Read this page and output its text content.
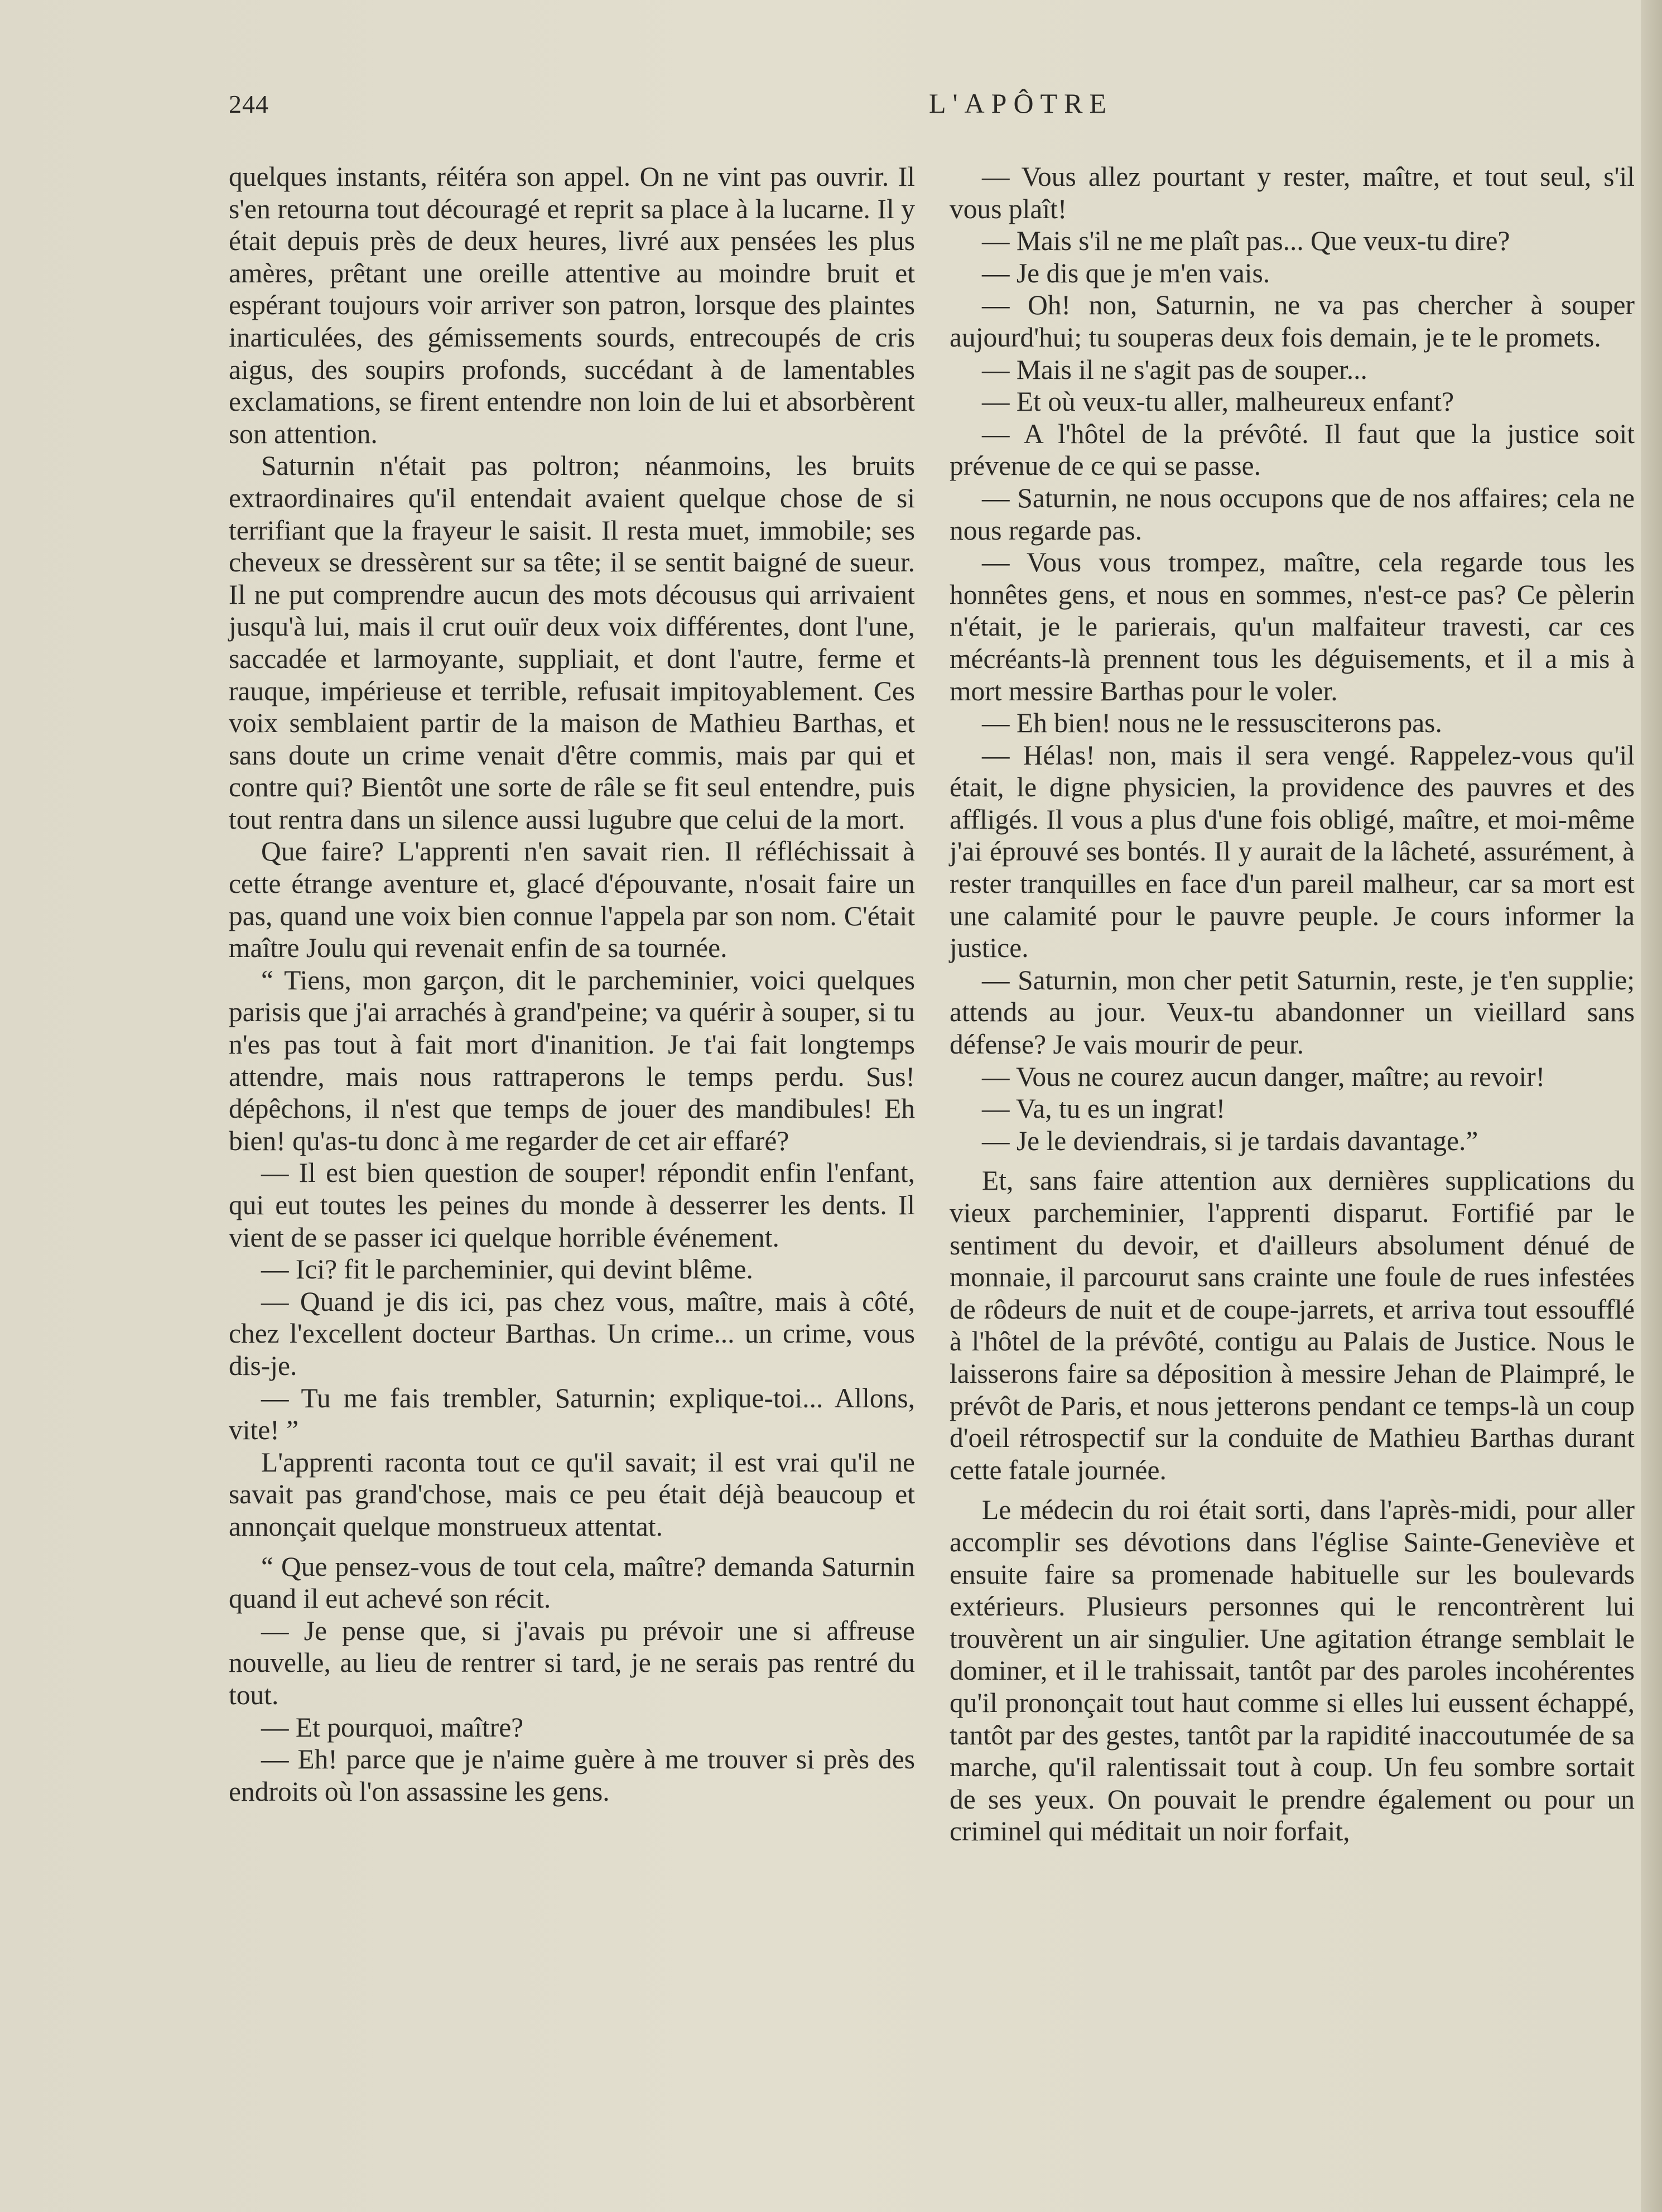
244	L'APÔTRE

quelques instants, réitéra son appel. On ne vint pas ouvrir. Il s'en retourna tout découragé et reprit sa place à la lucarne. Il y était depuis près de deux heures, livré aux pensées les plus amères, prêtant une oreille attentive au moindre bruit et espérant toujours voir arriver son patron, lorsque des plaintes inarticulées, des gémissements sourds, entrecoupés de cris aigus, des soupirs profonds, succédant à de lamentables exclamations, se firent entendre non loin de lui et absorbèrent son attention.

Saturnin n'était pas poltron; néanmoins, les bruits extraordinaires qu'il entendait avaient quelque chose de si terrifiant que la frayeur le saisit. Il resta muet, immobile; ses cheveux se dressèrent sur sa tête; il se sentit baigné de sueur. Il ne put comprendre aucun des mots décousus qui arrivaient jusqu'à lui, mais il crut ouïr deux voix différentes, dont l'une, saccadée et larmoyante, suppliait, et dont l'autre, ferme et rauque, impérieuse et terrible, refusait impitoyablement. Ces voix semblaient partir de la maison de Mathieu Barthas, et sans doute un crime venait d'être commis, mais par qui et contre qui? Bientôt une sorte de râle se fit seul entendre, puis tout rentra dans un silence aussi lugubre que celui de la mort.

Que faire? L'apprenti n'en savait rien. Il réfléchissait à cette étrange aventure et, glacé d'épouvante, n'osait faire un pas, quand une voix bien connue l'appela par son nom. C'était maître Joulu qui revenait enfin de sa tournée.

“ Tiens, mon garçon, dit le parcheminier, voici quelques parisis que j'ai arrachés à grand'peine; va quérir à souper, si tu n'es pas tout à fait mort d'inanition. Je t'ai fait longtemps attendre, mais nous rattraperons le temps perdu. Sus! dépêchons, il n'est que temps de jouer des mandibules! Eh bien! qu'as-tu donc à me regarder de cet air effaré?

— Il est bien question de souper! répondit enfin l'enfant, qui eut toutes les peines du monde à desserrer les dents. Il vient de se passer ici quelque horrible événement.

— Ici? fit le parcheminier, qui devint blême.

— Quand je dis ici, pas chez vous, maître, mais à côté, chez l'excellent docteur Barthas. Un crime... un crime, vous dis-je.

— Tu me fais trembler, Saturnin; explique-toi... Allons, vite! ”

L'apprenti raconta tout ce qu'il savait; il est vrai qu'il ne savait pas grand'chose, mais ce peu était déjà beaucoup et annonçait quelque monstrueux attentat.

“ Que pensez-vous de tout cela, maître? demanda Saturnin quand il eut achevé son récit.

— Je pense que, si j'avais pu prévoir une si affreuse nouvelle, au lieu de rentrer si tard, je ne serais pas rentré du tout.

— Et pourquoi, maître?

— Eh! parce que je n'aime guère à me trouver si près des endroits où l'on assassine les gens.

— Vous allez pourtant y rester, maître, et tout seul, s'il vous plaît!

— Mais s'il ne me plaît pas... Que veux-tu dire?

— Je dis que je m'en vais.

— Oh! non, Saturnin, ne va pas chercher à souper aujourd'hui; tu souperas deux fois demain, je te le promets.

— Mais il ne s'agit pas de souper...

— Et où veux-tu aller, malheureux enfant?

— A l'hôtel de la prévôté. Il faut que la justice soit prévenue de ce qui se passe.

— Saturnin, ne nous occupons que de nos affaires; cela ne nous regarde pas.

— Vous vous trompez, maître, cela regarde tous les honnêtes gens, et nous en sommes, n'est-ce pas? Ce pèlerin n'était, je le parierais, qu'un malfaiteur travesti, car ces mécréants-là prennent tous les déguisements, et il a mis à mort messire Barthas pour le voler.

— Eh bien! nous ne le ressusciterons pas.

— Hélas! non, mais il sera vengé. Rappelez-vous qu'il était, le digne physicien, la providence des pauvres et des affligés. Il vous a plus d'une fois obligé, maître, et moi-même j'ai éprouvé ses bontés. Il y aurait de la lâcheté, assurément, à rester tranquilles en face d'un pareil malheur, car sa mort est une calamité pour le pauvre peuple. Je cours informer la justice.

— Saturnin, mon cher petit Saturnin, reste, je t'en supplie; attends au jour. Veux-tu abandonner un vieillard sans défense? Je vais mourir de peur.

— Vous ne courez aucun danger, maître; au revoir!

— Va, tu es un ingrat!

— Je le deviendrais, si je tardais davantage.”

Et, sans faire attention aux dernières supplications du vieux parcheminier, l'apprenti disparut. Fortifié par le sentiment du devoir, et d'ailleurs absolument dénué de monnaie, il parcourut sans crainte une foule de rues infestées de rôdeurs de nuit et de coupe-jarrets, et arriva tout essoufflé à l'hôtel de la prévôté, contigu au Palais de Justice. Nous le laisserons faire sa déposition à messire Jehan de Plaimpré, le prévôt de Paris, et nous jetterons pendant ce temps-là un coup d'oeil rétrospectif sur la conduite de Mathieu Barthas durant cette fatale journée.

Le médecin du roi était sorti, dans l'après-midi, pour aller accomplir ses dévotions dans l'église Sainte-Geneviève et ensuite faire sa promenade habituelle sur les boulevards extérieurs. Plusieurs personnes qui le rencontrèrent lui trouvèrent un air singulier. Une agitation étrange semblait le dominer, et il le trahissait, tantôt par des paroles incohérentes qu'il prononçait tout haut comme si elles lui eussent échappé, tantôt par des gestes, tantôt par la rapidité inaccoutumée de sa marche, qu'il ralentissait tout à coup. Un feu sombre sortait de ses yeux. On pouvait le prendre également ou pour un criminel qui méditait un noir forfait,
